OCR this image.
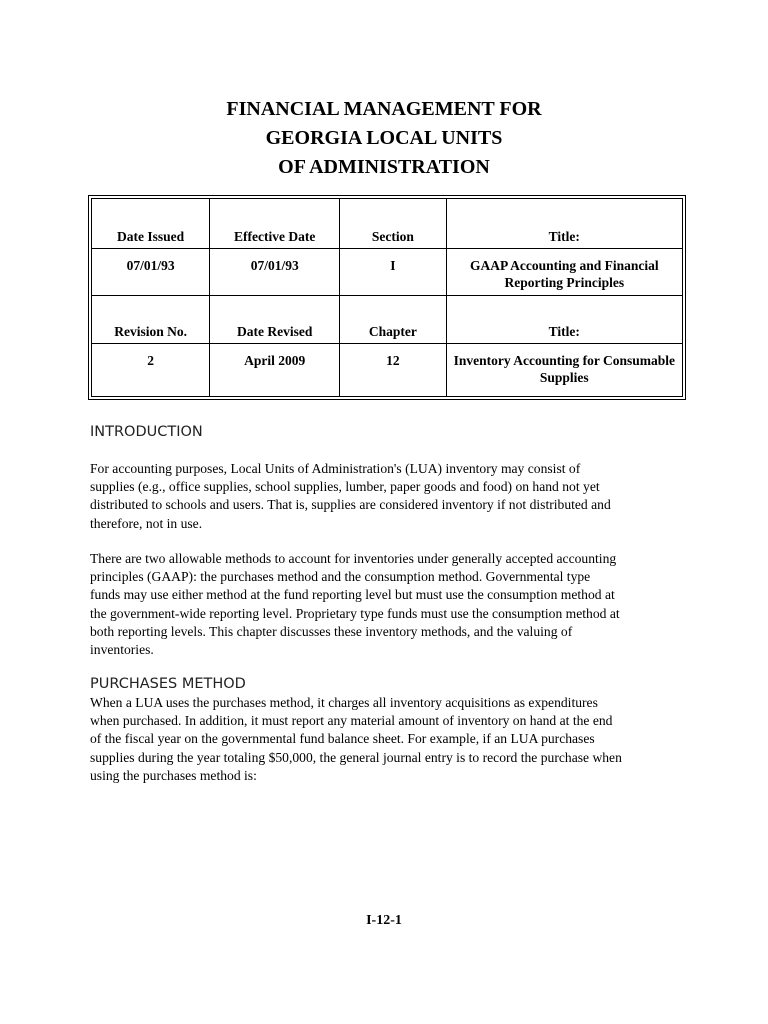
FINANCIAL MANAGEMENT FOR
GEORGIA LOCAL UNITS
OF ADMINISTRATION
Date Issued	Effective Date	Section	Title:
07/01/93	07/01/93	I	GAAP Accounting and Financial Reporting Principles
Revision No.	Date Revised	Chapter	Title:
2	April 2009	12	Inventory Accounting for Consumable Supplies
INTRODUCTION
For accounting purposes, Local Units of Administration's (LUA) inventory may consist of
supplies (e.g., office supplies, school supplies, lumber, paper goods and food) on hand not yet
distributed to schools and users. That is, supplies are considered inventory if not distributed and
therefore, not in use.
There are two allowable methods to account for inventories under generally accepted accounting
principles (GAAP): the purchases method and the consumption method. Governmental type
funds may use either method at the fund reporting level but must use the consumption method at
the government-wide reporting level. Proprietary type funds must use the consumption method at
both reporting levels. This chapter discusses these inventory methods, and the valuing of
inventories.
PURCHASES METHOD
When a LUA uses the purchases method, it charges all inventory acquisitions as expenditures
when purchased. In addition, it must report any material amount of inventory on hand at the end
of the fiscal year on the governmental fund balance sheet. For example, if an LUA purchases
supplies during the year totaling $50,000, the general journal entry is to record the purchase when
using the purchases method is:
I-12-1
